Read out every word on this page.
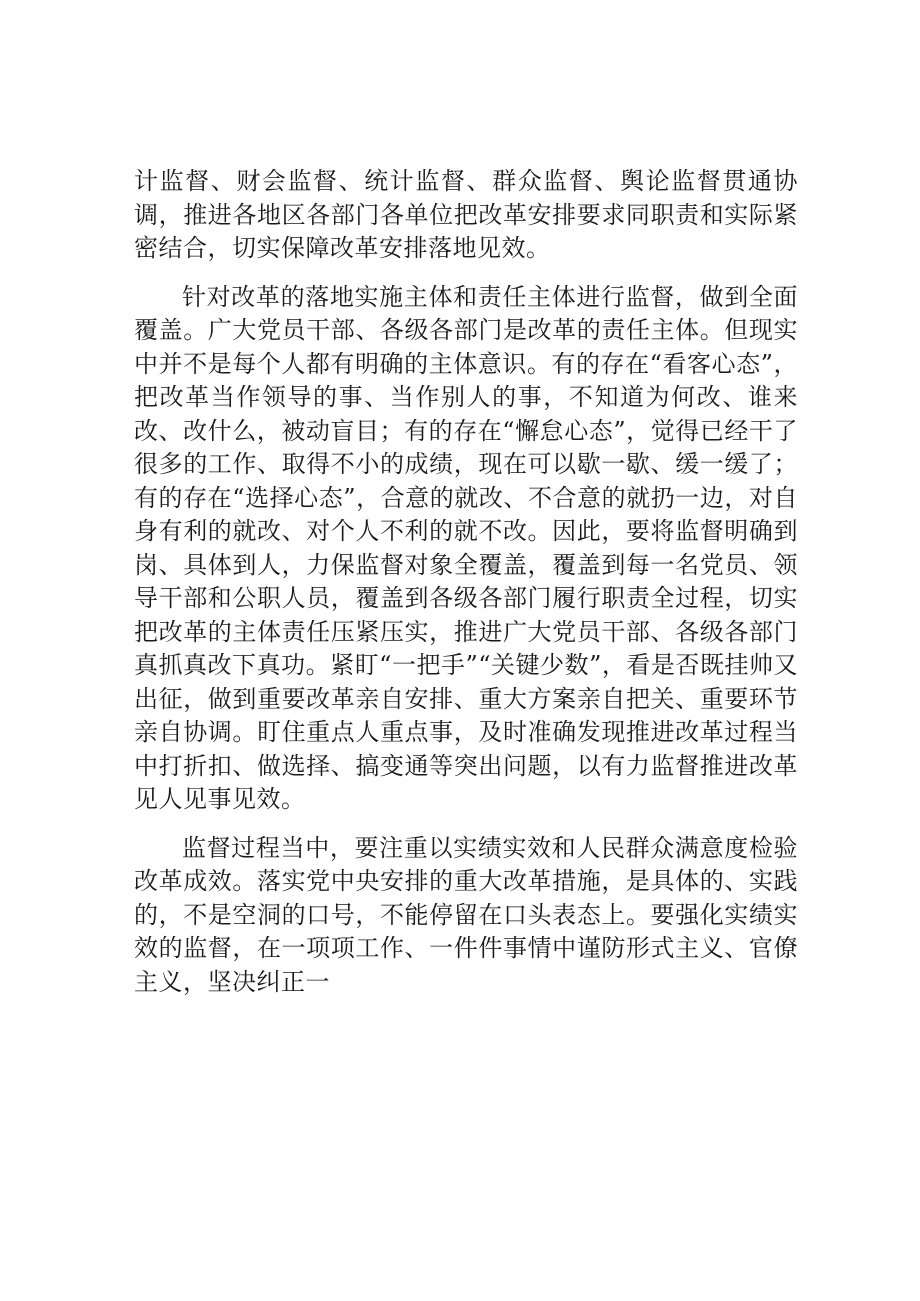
计监督、财会监督、统计监督、群众监督、舆论监督贯通协调，推进各地区各部门各单位把改革安排要求同职责和实际紧密结合，切实保障改革安排落地见效。

针对改革的落地实施主体和责任主体进行监督，做到全面覆盖。广大党员干部、各级各部门是改革的责任主体。但现实中并不是每个人都有明确的主体意识。有的存在“看客心态”，把改革当作领导的事、当作别人的事，不知道为何改、谁来改、改什么，被动盲目；有的存在“懈怠心态”，觉得已经干了很多的工作、取得不小的成绩，现在可以歇一歇、缓一缓了；有的存在“选择心态”，合意的就改、不合意的就扔一边，对自身有利的就改、对个人不利的就不改。因此，要将监督明确到岗、具体到人，力保监督对象全覆盖，覆盖到每一名党员、领导干部和公职人员，覆盖到各级各部门履行职责全过程，切实把改革的主体责任压紧压实，推进广大党员干部、各级各部门真抓真改下真功。紧盯“一把手”“关键少数”，看是否既挂帅又出征，做到重要改革亲自安排、重大方案亲自把关、重要环节亲自协调。盯住重点人重点事，及时准确发现推进改革过程当中打折扣、做选择、搞变通等突出问题，以有力监督推进改革见人见事见效。

监督过程当中，要注重以实绩实效和人民群众满意度检验改革成效。落实党中央安排的重大改革措施，是具体的、实践的，不是空洞的口号，不能停留在口头表态上。要强化实绩实效的监督，在一项项工作、一件件事情中谨防形式主义、官僚主义，坚决纠正一
